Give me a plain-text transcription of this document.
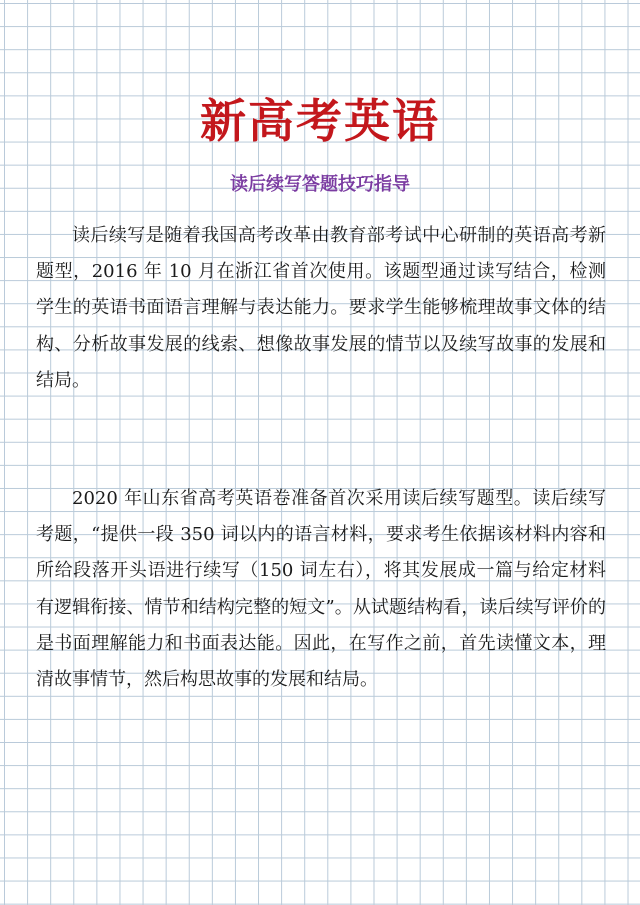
新高考英语
读后续写答题技巧指导

读后续写是随着我国高考改革由教育部考试中心研制的英语高考新题型，2016 年 10 月在浙江省首次使用。该题型通过读写结合，检测学生的英语书面语言理解与表达能力。要求学生能够梳理故事文体的结构、分析故事发展的线索、想像故事发展的情节以及续写故事的发展和结局。

2020 年山东省高考英语卷准备首次采用读后续写题型。读后续写考题，“提供一段 350 词以内的语言材料，要求考生依据该材料内容和所给段落开头语进行续写（150 词左右），将其发展成一篇与给定材料有逻辑衔接、情节和结构完整的短文”。从试题结构看，读后续写评价的是书面理解能力和书面表达能。因此，在写作之前，首先读懂文本，理清故事情节，然后构思故事的发展和结局。
